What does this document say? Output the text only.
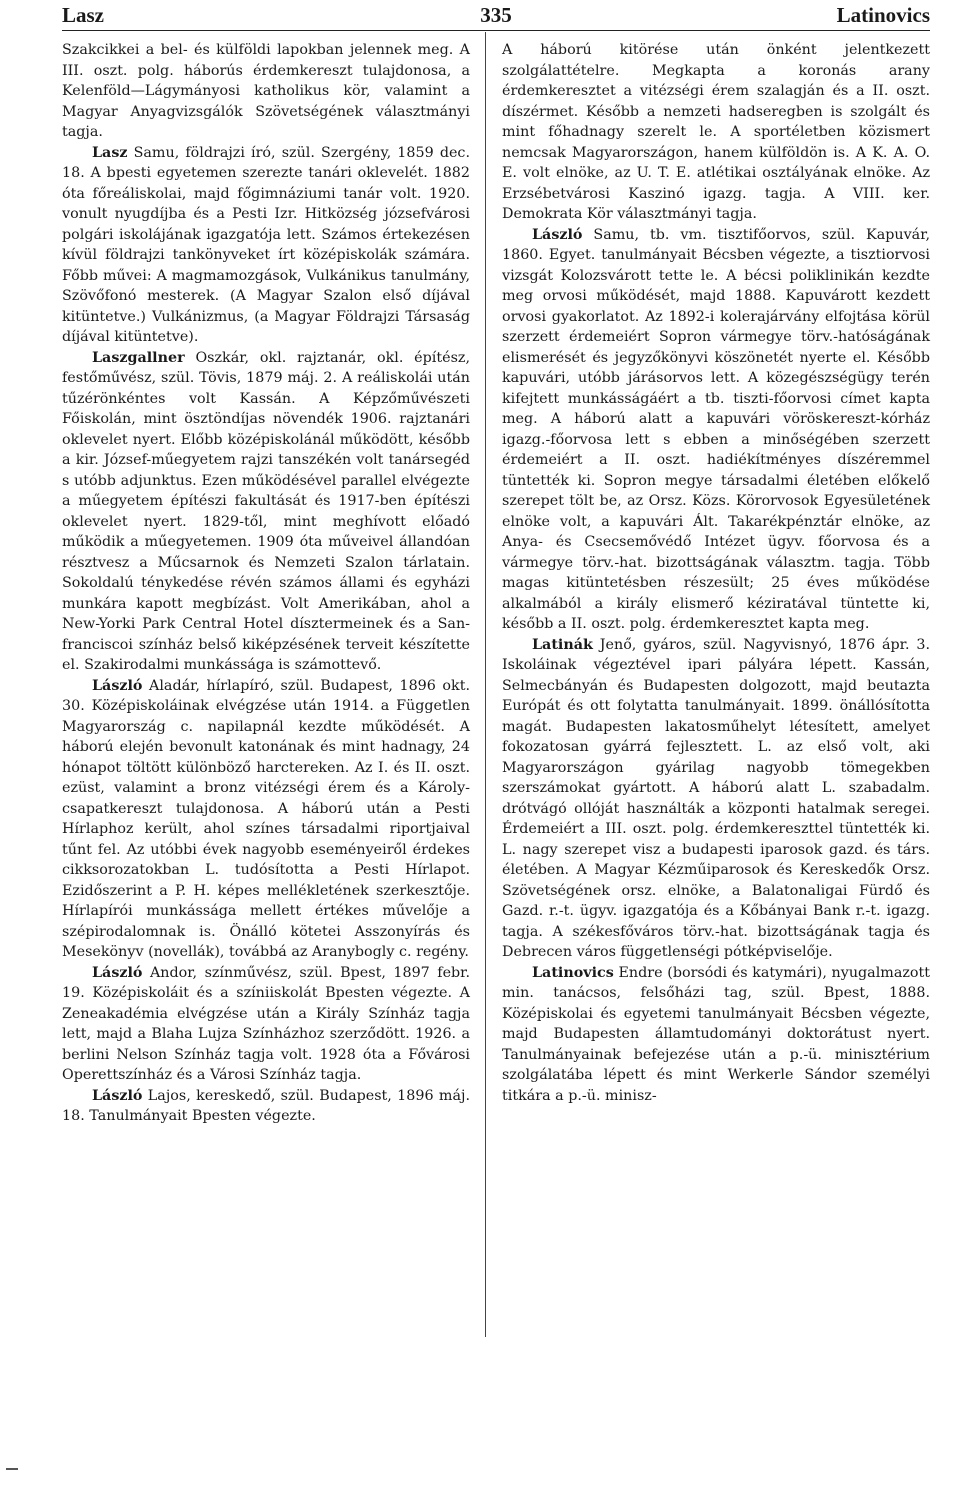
Lasz	335	Latinovics

Szakcikkei a bel- és külföldi lapokban jelennek meg. A III. oszt. polg. háborús érdemkereszt tulajdonosa, a Kelenföld—Lágymányosi katholikus kör, valamint a Magyar Anyagvizsgálók Szövetségének választmányi tagja.

Lasz Samu, földrajzi író, szül. Szergény, 1859 dec. 18. A bpesti egyetemen szerezte tanári oklevelét. 1882 óta főreáliskolai, majd főgimnáziumi tanár volt. 1920. vonult nyugdíjba és a Pesti Izr. Hitközség józsefvárosi polgári iskolájának igazgatója lett. Számos értekezésen kívül földrajzi tankönyveket írt középiskolák számára. Főbb művei: A magmamozgások, Vulkánikus tanulmány, Szövőfonó mesterek. (A Magyar Szalon első díjával kitüntetve.) Vulkánizmus, (a Magyar Földrajzi Társaság díjával kitüntetve).

Laszgallner Oszkár, okl. rajztanár, okl. építész, festőművész, szül. Tövis, 1879 máj. 2. A reáliskolái után tűzérönkéntes volt Kassán. A Képzőművészeti Főiskolán, mint ösztöndíjas növendék 1906. rajztanári oklevelet nyert. Előbb középiskolánál működött, később a kir. József-műegyetem rajzi tanszékén volt tanársegéd s utóbb adjunktus. Ezen működésével parallel elvégezte a műegyetem építészi fakultását és 1917-ben építészi oklevelet nyert. 1829-től, mint meghívott előadó működik a műegyetemen. 1909 óta műveivel állandóan résztvesz a Műcsarnok és Nemzeti Szalon tárlatain. Sokoldalú ténykedése révén számos állami és egyházi munkára kapott megbízást. Volt Amerikában, ahol a New-Yorki Park Central Hotel dísztermeinek és a San-franciscoi színház belső kiképzésének terveit készítette el. Szakirodalmi munkássága is számottevő.

László Aladár, hírlapíró, szül. Budapest, 1896 okt. 30. Középiskoláinak elvégzése után 1914. a Független Magyarország c. napilapnál kezdte működését. A háború elején bevonult katonának és mint hadnagy, 24 hónapot töltött különböző harctereken. Az I. és II. oszt. ezüst, valamint a bronz vitézségi érem és a Károly-csapatkereszt tulajdonosa. A háború után a Pesti Hírlaphoz került, ahol színes társadalmi riportjaival tűnt fel. Az utóbbi évek nagyobb eseményeiről érdekes cikksorozatokban L. tudósította a Pesti Hírlapot. Ezidőszerint a P. H. képes mellékletének szerkesztője. Hírlapírói munkássága mellett értékes művelője a szépirodalomnak is. Önálló kötetei Asszonyírás és Mesekönyv (novellák), továbbá az Aranybogly c. regény.

László Andor, színművész, szül. Bpest, 1897 febr. 19. Középiskoláit és a színiiskolát Bpesten végezte. A Zeneakadémia elvégzése után a Király Színház tagja lett, majd a Blaha Lujza Színházhoz szerződött. 1926. a berlini Nelson Színház tagja volt. 1928 óta a Fővárosi Operettszínház és a Városi Színház tagja.

László Lajos, kereskedő, szül. Budapest, 1896 máj. 18. Tanulmányait Bpesten végezte.

A háború kitörése után önként jelentkezett szolgálattételre. Megkapta a koronás arany érdemkeresztet a vitézségi érem szalagján és a II. oszt. díszérmet. Később a nemzeti hadseregben is szolgált és mint főhadnagy szerelt le. A sportéletben közismert nemcsak Magyarországon, hanem külföldön is. A K. A. O. E. volt elnöke, az U. T. E. atlétikai osztályának elnöke. Az Erzsébetvárosi Kaszinó igazg. tagja. A VIII. ker. Demokrata Kör választmányi tagja.

László Samu, tb. vm. tisztifőorvos, szül. Kapuvár, 1860. Egyet. tanulmányait Bécsben végezte, a tisztiorvosi vizsgát Kolozsvárott tette le. A bécsi poliklinikán kezdte meg orvosi működését, majd 1888. Kapuvárott kezdett orvosi gyakorlatot. Az 1892-i kolerajárvány elfojtása körül szerzett érdemeiért Sopron vármegye törv.-hatóságának elismerését és jegyzőkönyvi köszönetét nyerte el. Később kapuvári, utóbb járásorvos lett. A közegészségügy terén kifejtett munkásságáért a tb. tiszti-főorvosi címet kapta meg. A háború alatt a kapuvári vöröskereszt-kórház igazg.-főorvosa lett s ebben a minőségében szerzett érdemeiért a II. oszt. hadiékítményes díszéremmel tüntették ki. Sopron megye társadalmi életében előkelő szerepet tölt be, az Orsz. Közs. Körorvosok Egyesületének elnöke volt, a kapuvári Ált. Takarékpénztár elnöke, az Anya- és Csecsemővédő Intézet ügyv. főorvosa és a vármegye törv.-hat. bizottságának választm. tagja. Több magas kitüntetésben részesült; 25 éves működése alkalmából a király elismerő kéziratával tüntette ki, később a II. oszt. polg. érdemkeresztet kapta meg.

Latinák Jenő, gyáros, szül. Nagyvisnyó, 1876 ápr. 3. Iskoláinak végeztével ipari pályára lépett. Kassán, Selmecbányán és Budapesten dolgozott, majd beutazta Európát és ott folytatta tanulmányait. 1899. önállósította magát. Budapesten lakatosműhelyt létesített, amelyet fokozatosan gyárrá fejlesztett. L. az első volt, aki Magyarországon gyárilag nagyobb tömegekben szerszámokat gyártott. A háború alatt L. szabadalm. drótvágó ollóját használták a központi hatalmak seregei. Érdemeiért a III. oszt. polg. érdemkereszttel tüntették ki. L. nagy szerepet visz a budapesti iparosok gazd. és társ. életében. A Magyar Kézműiparosok és Kereskedők Orsz. Szövetségének orsz. elnöke, a Balatonaligai Fürdő és Gazd. r.-t. ügyv. igazgatója és a Kőbányai Bank r.-t. igazg. tagja. A székesfőváros törv.-hat. bizottságának tagja és Debrecen város függetlenségi pótképviselője.

Latinovics Endre (borsódi és katymári), nyugalmazott min. tanácsos, felsőházi tag, szül. Bpest, 1888. Középiskolai és egyetemi tanulmányait Bécsben végezte, majd Budapesten államtudományi doktorátust nyert. Tanulmányainak befejezése után a p.-ü. minisztérium szolgálatába lépett és mint Werkerle Sándor személyi titkára a p.-ü. minisz-
